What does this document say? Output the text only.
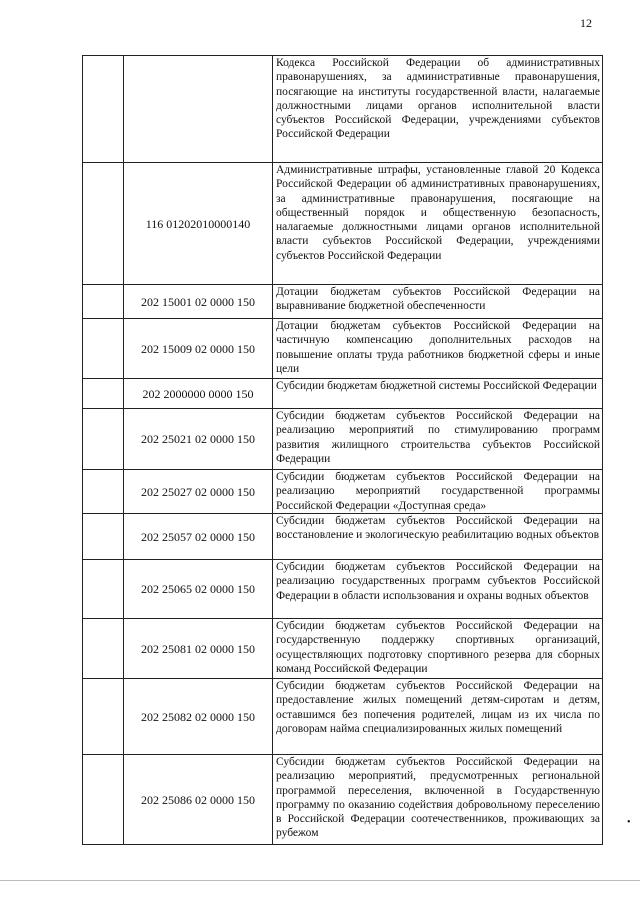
12
		Кодекса Российской Федерации об административных правонарушениях, за административные правонарушения, посягающие на институты государственной власти, налагаемые должностными лицами органов исполнительной власти субъектов Российской Федерации, учреждениями субъектов Российской Федерации
	116 01202010000140	Административные штрафы, установленные главой 20 Кодекса Российской Федерации об административных правонарушениях, за административные правонарушения, посягающие на общественный порядок и общественную безопасность, налагаемые должностными лицами органов исполнительной власти субъектов Российской Федерации, учреждениями субъектов Российской Федерации
	202 15001 02 0000 150	Дотации бюджетам субъектов Российской Федерации на выравнивание бюджетной обеспеченности
	202 15009 02 0000 150	Дотации бюджетам субъектов Российской Федерации на частичную компенсацию дополнительных расходов на повышение оплаты труда работников бюджетной сферы и иные цели
	202 2000000 0000 150	Субсидии бюджетам бюджетной системы Российской Федерации
	202 25021 02 0000 150	Субсидии бюджетам субъектов Российской Федерации на реализацию мероприятий по стимулированию программ развития жилищного строительства субъектов Российской Федерации
	202 25027 02 0000 150	Субсидии бюджетам субъектов Российской Федерации на реализацию мероприятий государственной программы Российской Федерации «Доступная среда»
	202 25057 02 0000 150	Субсидии бюджетам субъектов Российской Федерации на восстановление и экологическую реабилитацию водных объектов
	202 25065 02 0000 150	Субсидии бюджетам субъектов Российской Федерации на реализацию государственных программ субъектов Российской Федерации в области использования и охраны водных объектов
	202 25081 02 0000 150	Субсидии бюджетам субъектов Российской Федерации на государственную поддержку спортивных организаций, осуществляющих подготовку спортивного резерва для сборных команд Российской Федерации
	202 25082 02 0000 150	Субсидии бюджетам субъектов Российской Федерации на предоставление жилых помещений детям-сиротам и детям, оставшимся без попечения родителей, лицам из их числа по договорам найма специализированных жилых помещений
	202 25086 02 0000 150	Субсидии бюджетам субъектов Российской Федерации на реализацию мероприятий, предусмотренных региональной программой переселения, включенной в Государственную программу по оказанию содействия добровольному переселению в Российской Федерации соотечественников, проживающих за рубежом
•
